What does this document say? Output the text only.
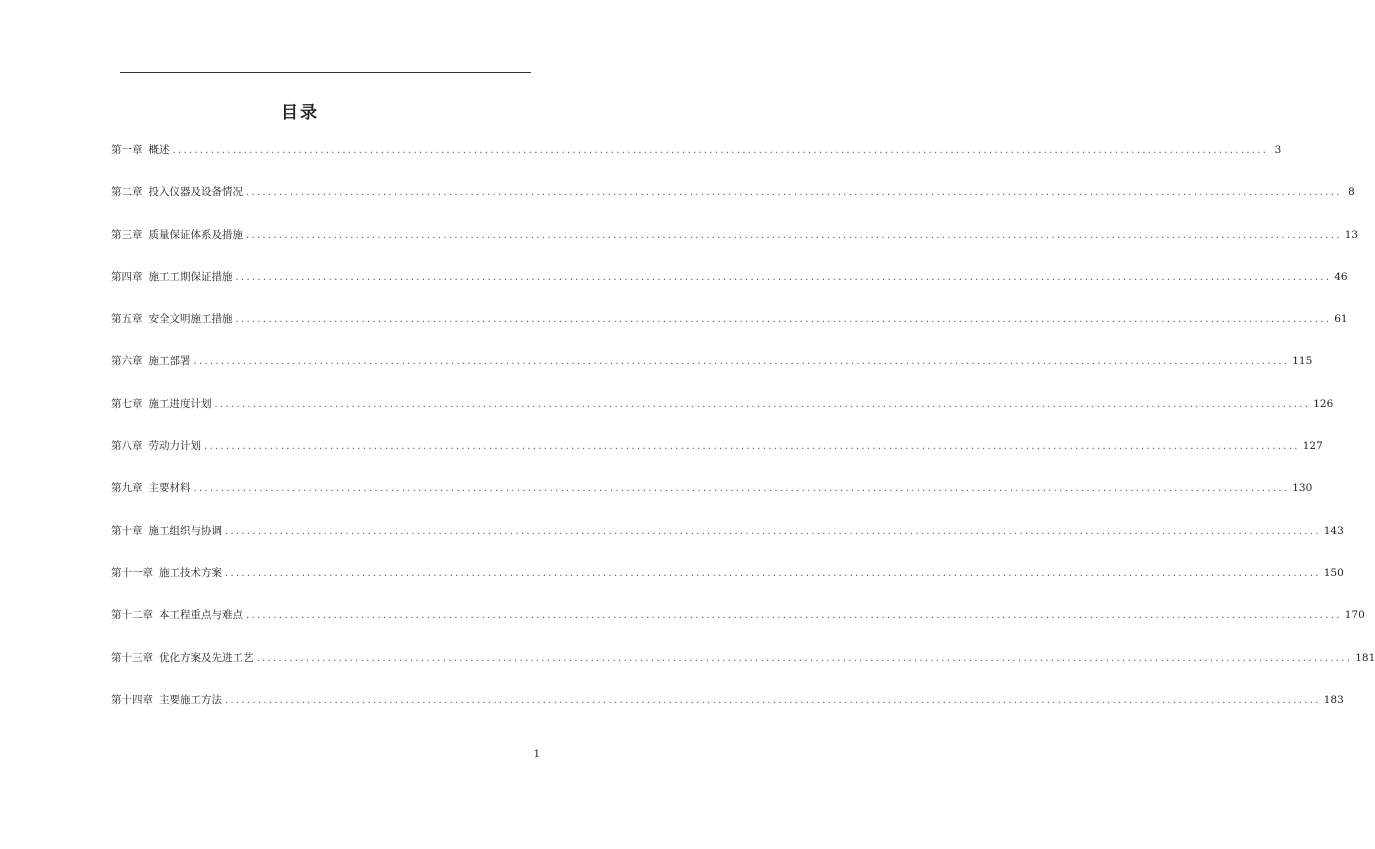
目录
第一章 概述 ........................................................................................................................................................................................................ 3
第二章 投入仪器及设备情况 ........................................................................................................................................................................................................ 8
第三章 质量保证体系及措施 ........................................................................................................................................................................................................ 13
第四章 施工工期保证措施 ........................................................................................................................................................................................................ 46
第五章 安全文明施工措施 ........................................................................................................................................................................................................ 61
第六章 施工部署 ........................................................................................................................................................................................................ 115
第七章 施工进度计划 ........................................................................................................................................................................................................ 126
第八章 劳动力计划 ........................................................................................................................................................................................................ 127
第九章 主要材料 ........................................................................................................................................................................................................ 130
第十章 施工组织与协调 ........................................................................................................................................................................................................ 143
第十一章 施工技术方案 ........................................................................................................................................................................................................ 150
第十二章 本工程重点与难点 ........................................................................................................................................................................................................ 170
第十三章 优化方案及先进工艺 ........................................................................................................................................................................................................ 181
第十四章 主要施工方法 ........................................................................................................................................................................................................ 183
1
